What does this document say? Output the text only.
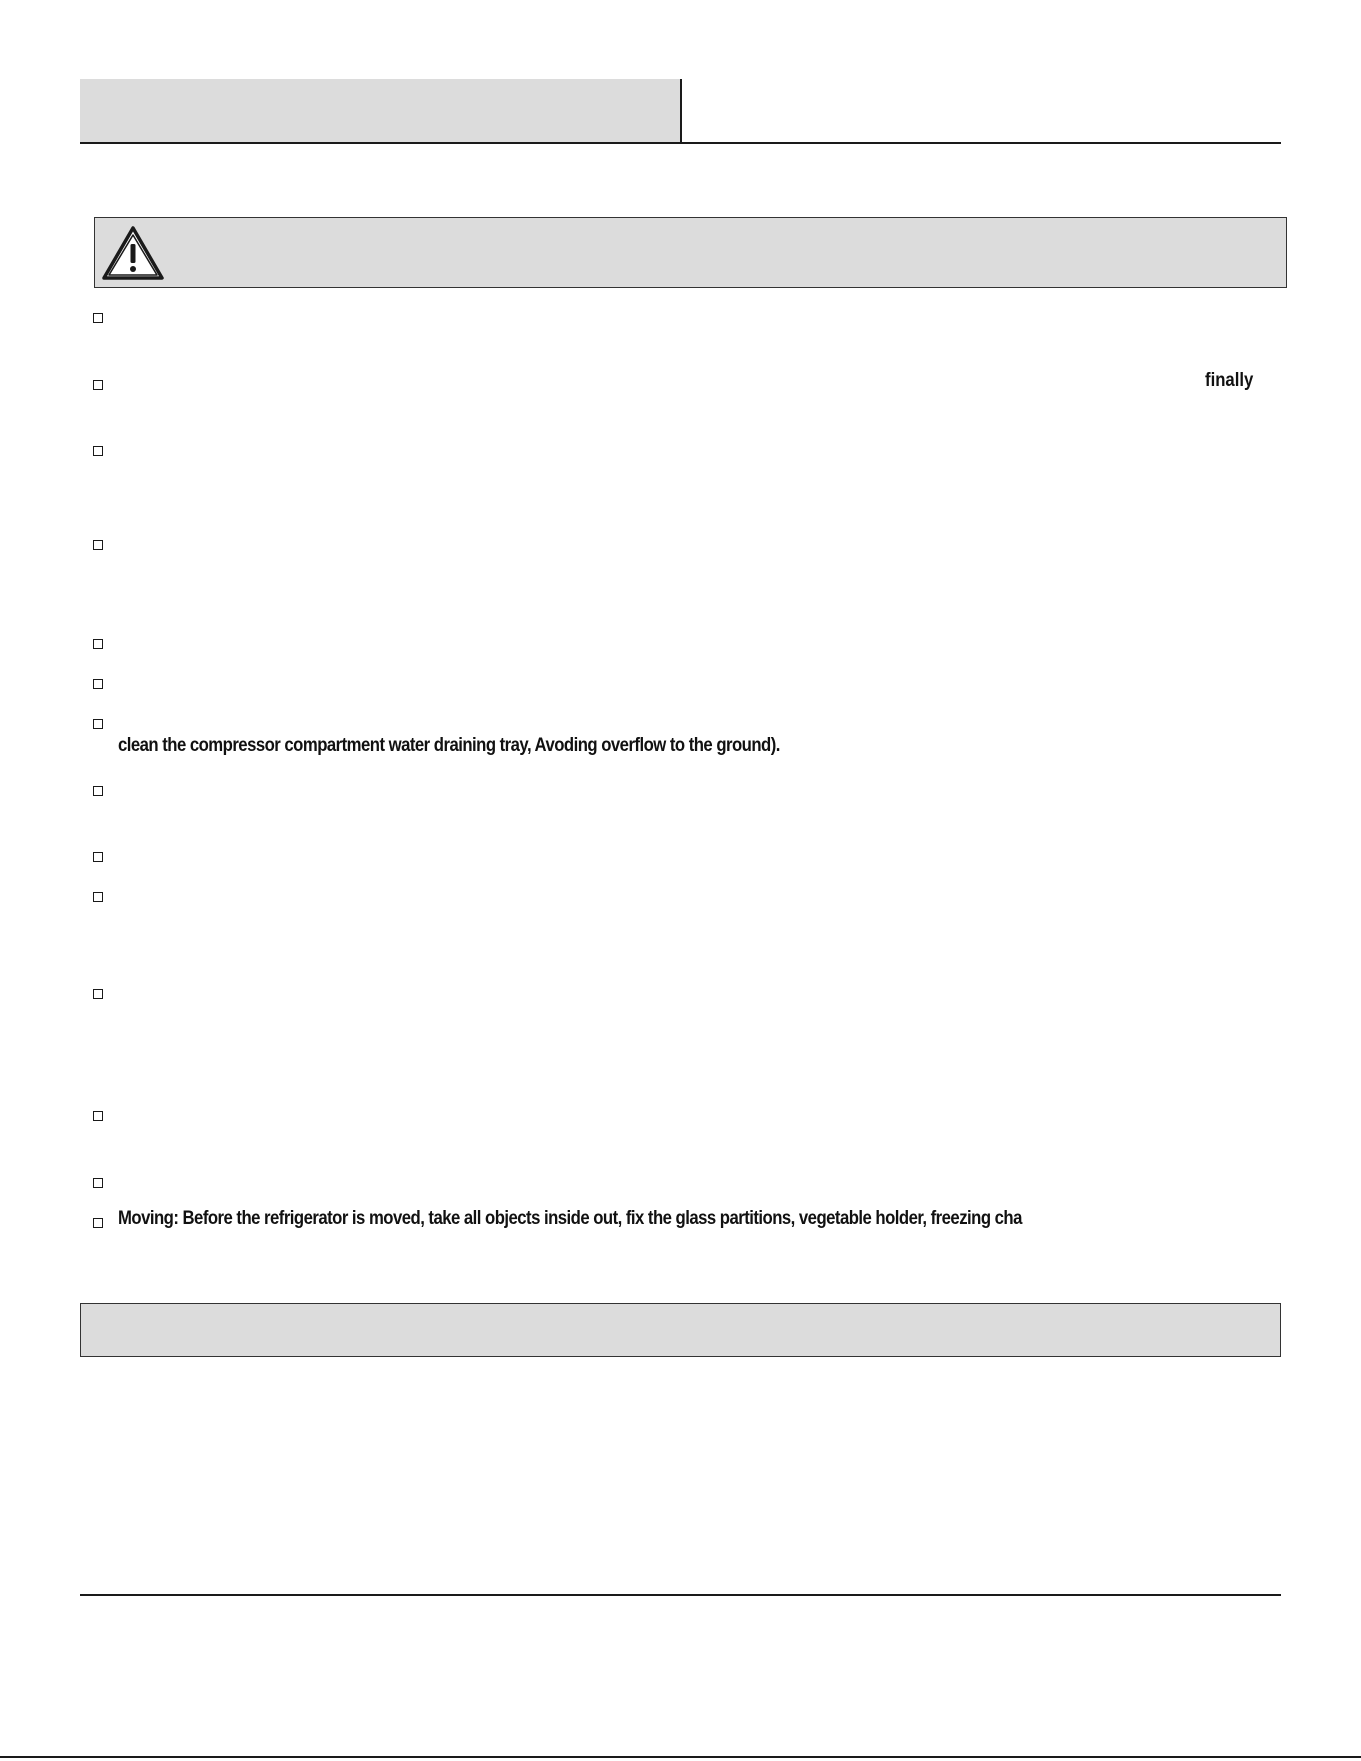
finally
clean the compressor compartment water draining tray, Avoding overflow to the ground).
Moving: Before the refrigerator is moved, take all objects inside out, fix the glass partitions, vegetable holder, freezing cha
